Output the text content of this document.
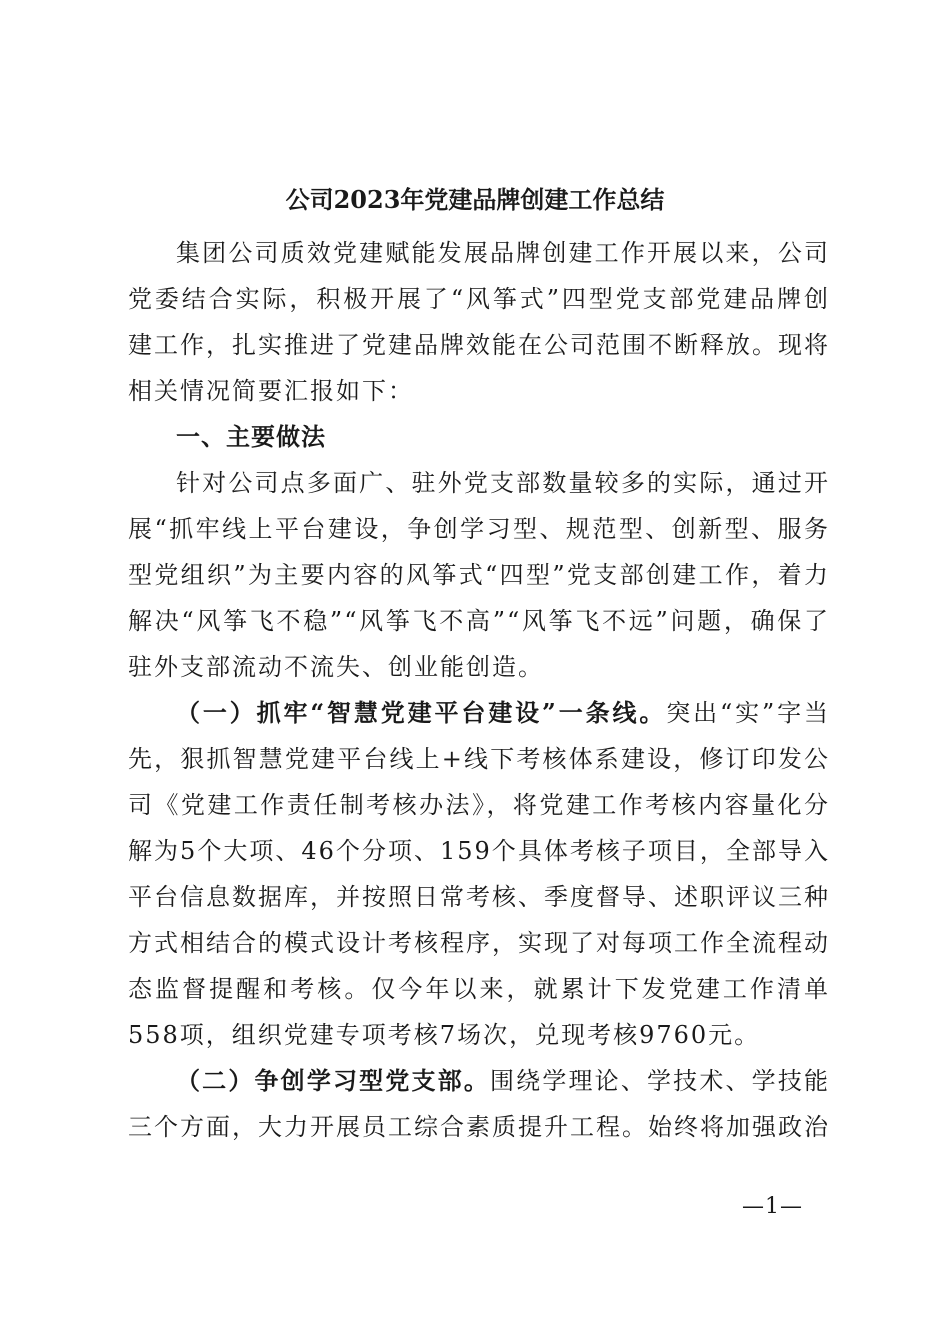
公司2023年党建品牌创建工作总结

集团公司质效党建赋能发展品牌创建工作开展以来，公司党委结合实际，积极开展了“风筝式”四型党支部党建品牌创建工作，扎实推进了党建品牌效能在公司范围不断释放。现将相关情况简要汇报如下：

一、主要做法

针对公司点多面广、驻外党支部数量较多的实际，通过开展“抓牢线上平台建设，争创学习型、规范型、创新型、服务型党组织”为主要内容的风筝式“四型”党支部创建工作，着力解决“风筝飞不稳”“风筝飞不高”“风筝飞不远”问题，确保了驻外支部流动不流失、创业能创造。

（一）抓牢“智慧党建平台建设”一条线。突出“实”字当先，狠抓智慧党建平台线上+线下考核体系建设，修订印发公司《党建工作责任制考核办法》，将党建工作考核内容量化分解为5个大项、46个分项、159个具体考核子项目，全部导入平台信息数据库，并按照日常考核、季度督导、述职评议三种方式相结合的模式设计考核程序，实现了对每项工作全流程动态监督提醒和考核。仅今年以来，就累计下发党建工作清单558项，组织党建专项考核7场次，兑现考核9760元。

（二）争创学习型党支部。围绕学理论、学技术、学技能三个方面，大力开展员工综合素质提升工程。始终将加强政治

—1—
